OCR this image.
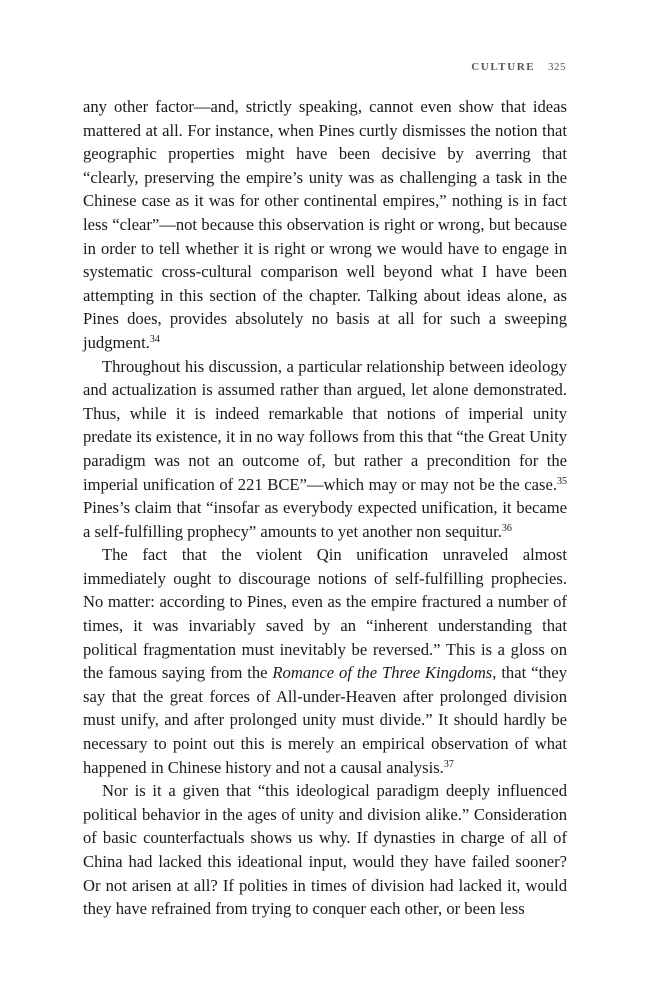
CULTURE 325

any other factor—and, strictly speaking, cannot even show that ideas mattered at all. For instance, when Pines curtly dismisses the notion that geographic properties might have been decisive by averring that “clearly, preserving the empire’s unity was as challenging a task in the Chinese case as it was for other continental empires,” nothing is in fact less “clear”—not because this observation is right or wrong, but because in order to tell whether it is right or wrong we would have to engage in systematic cross-cultural comparison well beyond what I have been attempting in this section of the chapter. Talking about ideas alone, as Pines does, provides absolutely no basis at all for such a sweeping judgment.$^{34}$

Throughout his discussion, a particular relationship between ideology and actualization is assumed rather than argued, let alone demonstrated. Thus, while it is indeed remarkable that notions of imperial unity predate its existence, it in no way follows from this that “the Great Unity paradigm was not an outcome of, but rather a precondition for the imperial unification of 221 BCE”—which may or may not be the case.$^{35}$ Pines’s claim that “insofar as everybody expected unification, it became a self-fulfilling prophecy” amounts to yet another non sequitur.$^{36}$

The fact that the violent Qin unification unraveled almost immediately ought to discourage notions of self-fulfilling prophecies. No matter: according to Pines, even as the empire fractured a number of times, it was invariably saved by an “inherent understanding that political fragmentation must inevitably be reversed.” This is a gloss on the famous saying from the Romance of the Three Kingdoms, that “they say that the great forces of All-under-Heaven after prolonged division must unify, and after prolonged unity must divide.” It should hardly be necessary to point out this is merely an empirical observation of what happened in Chinese history and not a causal analysis.$^{37}$

Nor is it a given that “this ideological paradigm deeply influenced political behavior in the ages of unity and division alike.” Consideration of basic counterfactuals shows us why. If dynasties in charge of all of China had lacked this ideational input, would they have failed sooner? Or not arisen at all? If polities in times of division had lacked it, would they have refrained from trying to conquer each other, or been less
